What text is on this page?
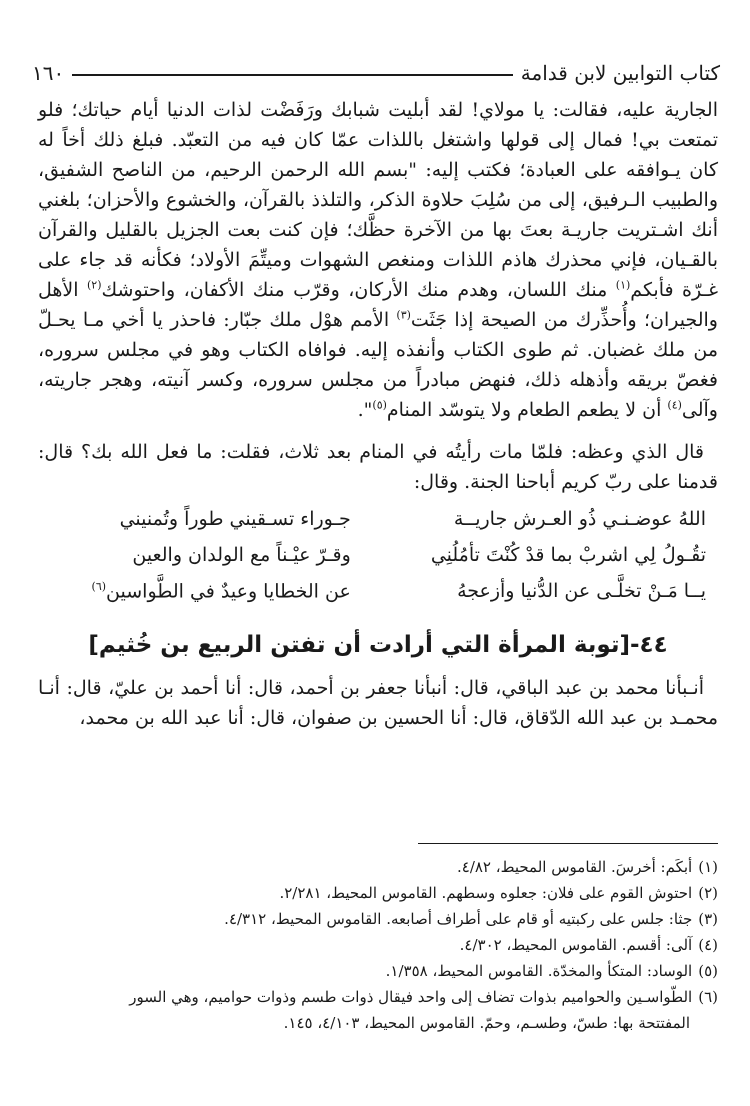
كتاب التوابين لابن قدامة
١٦٠

الجارية عليه، فقالت: يا مولاي! لقد أبليت شبابك ورَفَضْت لذات الدنيا أيام حياتك؛ فلو تمتعت بي! فمال إلى قولها واشتغل باللذات عمّا كان فيه من التعبّد. فبلغ ذلك أخاً له كان يـوافقه على العبادة؛ فكتب إليه: "بسم الله الرحمن الرحيم، من الناصح الشفيق، والطبيب الـرفيق، إلى من سُلِبَ حلاوة الذكر، والتلذذ بالقرآن، والخشوع والأحزان؛ بلغني أنك اشـتريت جاريـة بعتَ بها من الآخرة حظَّك؛ فإن كنت بعت الجزيل بالقليل والقرآن بالقـيان، فإني محذرك هاذم اللذات ومنغص الشهوات وميتِّمَ الأولاد؛ فكأنه قد جاء على غـرّة فأبكم$^{(١)}$ منك اللسان، وهدم منك الأركان، وقرّب منك الأكفان، واحتوشك$^{(٢)}$ الأهل والجيران؛ وأُحذِّرك من الصيحة إذا جَثَت$^{(٣)}$ الأمم هوْل ملك جبّار: فاحذر يا أخي مـا يحـلّ من ملك غضبان. ثم طوى الكتاب وأنفذه إليه. فوافاه الكتاب وهو في مجلس سروره، فغصّ بريقه وأذهله ذلك، فنهض مبادراً من مجلس سروره، وكسر آنيته، وهجر جاريته، وآلى$^{(٤)}$ أن لا يطعم الطعام ولا يتوسّد المنام$^{(٥)}$".

قال الذي وعظه: فلمّا مات رأيتُه في المنام بعد ثلاث، فقلت: ما فعل الله بك؟ قال: قدمنا على ربّ كريم أباحنا الجنة. وقال:

اللهُ عوضـنـي ذُو العـرش جاريــة
جـوراء تسـقيني طوراً وتُمنيني
تقُـولُ لِي اشربْ بما قدْ كُنْتَ تأمُلُنِي
وقـرّ عيْـناً مع الولدان والعين
يــا مَـنْ تخلَّـى عن الدُّنيا وأزعجهُ
عن الخطايا وعيدٌ في الطَّواسين$^{(٦)}$
٤٤-[توبة المرأة التي أرادت أن تفتن الربيع بن خُثيم]

أنـبأنا محمد بن عبد الباقي، قال: أنبأنا جعفر بن أحمد، قال: أنا أحمد بن عليّ، قال: أنـا محمـد بن عبد الله الدّقاق، قال: أنا الحسين بن صفوان، قال: أنا عبد الله بن محمد،

(١)أبكَم: أخرسَ. القاموس المحيط، ٤/٨٢.

(٢)احتوش القوم على فلان: جعلوه وسطهم. القاموس المحيط، ٢/٢٨١.

(٣)جثا: جلس على ركبتيه أو قام على أطراف أصابعه. القاموس المحيط، ٤/٣١٢.

(٤)آلى: أقسم. القاموس المحيط، ٤/٣٠٢.

(٥)الوساد: المتكأ والمخدّة. القاموس المحيط، ١/٣٥٨.

(٦)الطّواسـين والحواميم بذوات تضاف إلى واحد فيقال ذوات طسم وذوات حواميم، وهي السور

المفتتحة بها: طسّ، وطسـم، وحمّ. القاموس المحيط، ٤/١٠٣، ١٤٥.
